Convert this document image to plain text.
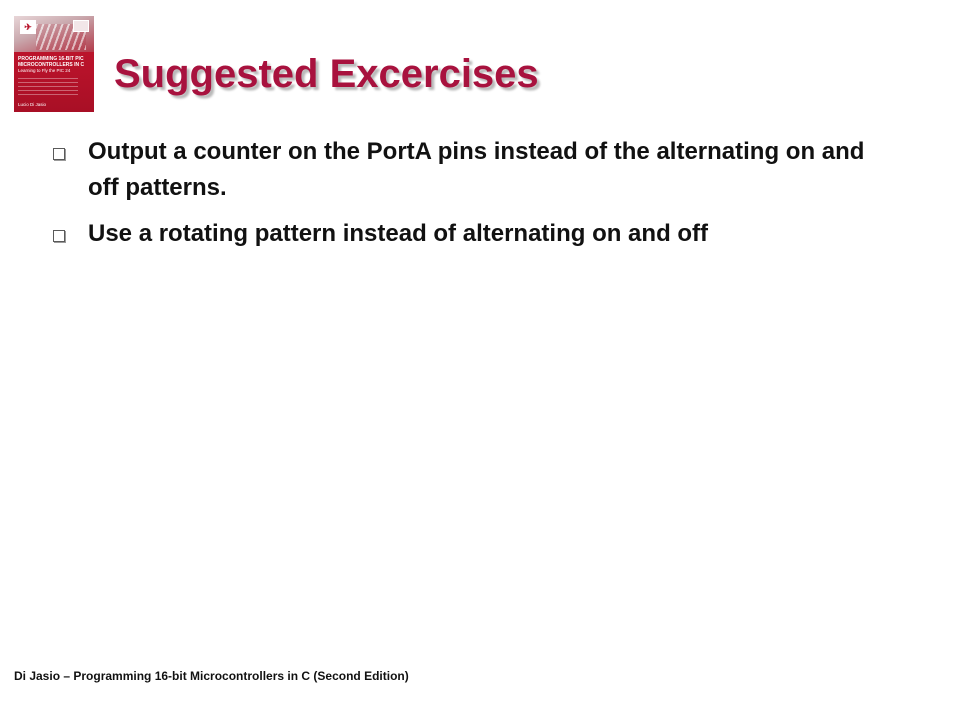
✈
PROGRAMMING 16-BIT PIC
MICROCONTROLLERS IN C
Learning to Fly the PIC 24
Lucio Di Jasio
Suggested Excercises
Output a counter on the PortA pins instead of the alternating on and off patterns.
Use a rotating pattern instead of alternating on and off
Di Jasio – Programming 16-bit Microcontrollers in C (Second Edition)
